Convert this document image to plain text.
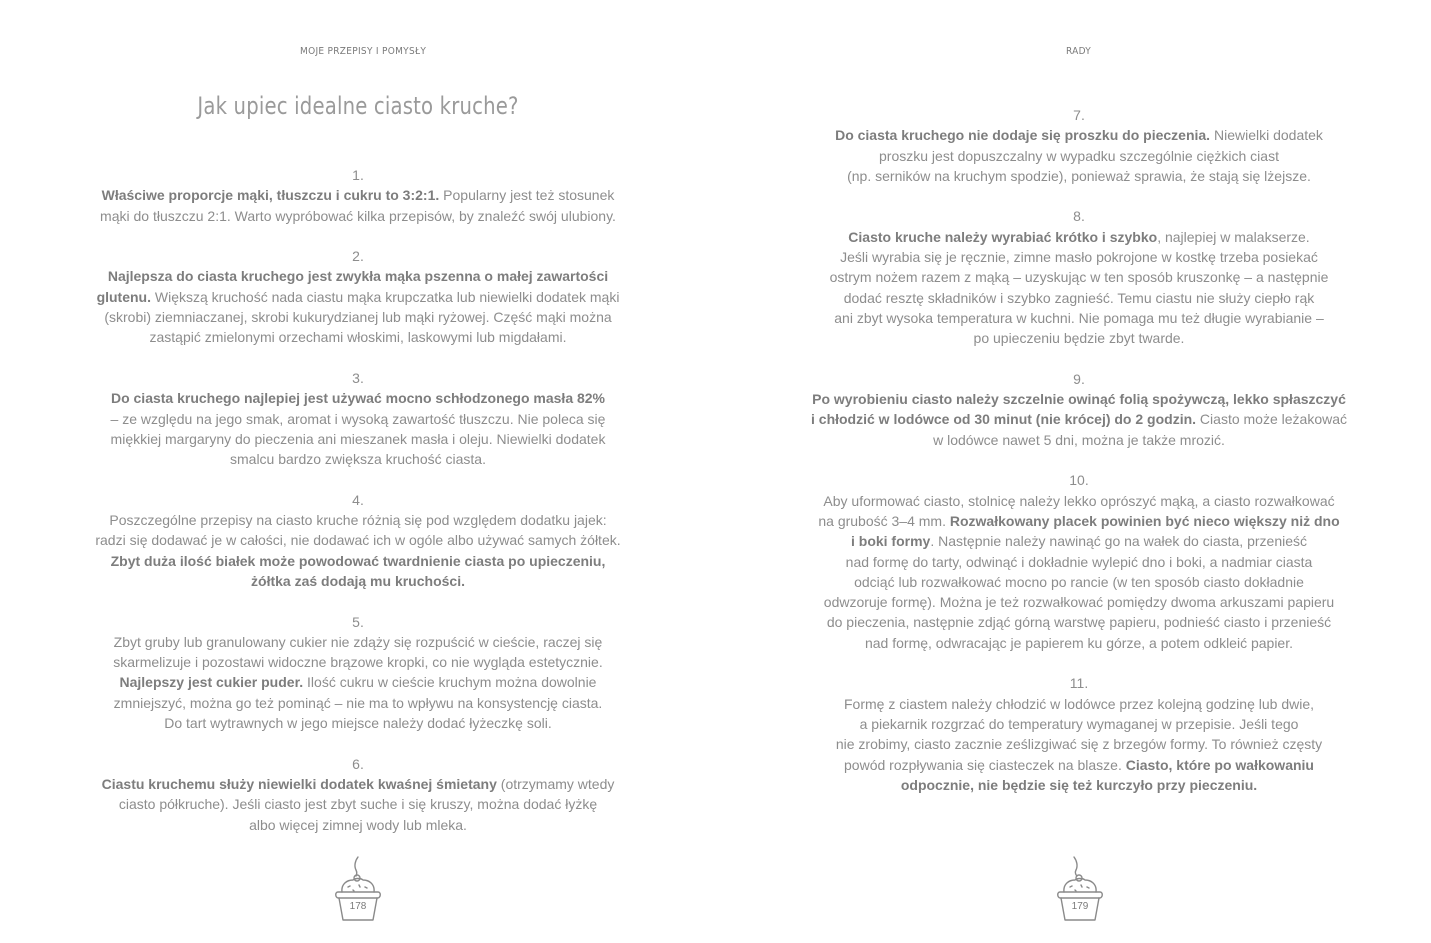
MOJE PRZEPISY I POMYSŁY
Jak upiec idealne ciasto kruche?
1.
Właściwe proporcje mąki, tłuszczu i cukru to 3:2:1. Popularny jest też stosunek
mąki do tłuszczu 2:1. Warto wypróbować kilka przepisów, by znaleźć swój ulubiony.
2.
Najlepsza do ciasta kruchego jest zwykła mąka pszenna o małej zawartości
glutenu. Większą kruchość nada ciastu mąka krupczatka lub niewielki dodatek mąki
(skrobi) ziemniaczanej, skrobi kukurydzianej lub mąki ryżowej. Część mąki można
zastąpić zmielonymi orzechami włoskimi, laskowymi lub migdałami.
3.
Do ciasta kruchego najlepiej jest używać mocno schłodzonego masła 82%
– ze względu na jego smak, aromat i wysoką zawartość tłuszczu. Nie poleca się
miękkiej margaryny do pieczenia ani mieszanek masła i oleju. Niewielki dodatek
smalcu bardzo zwiększa kruchość ciasta.
4.
Poszczególne przepisy na ciasto kruche różnią się pod względem dodatku jajek:
radzi się dodawać je w całości, nie dodawać ich w ogóle albo używać samych żółtek.
Zbyt duża ilość białek może powodować twardnienie ciasta po upieczeniu,
żółtka zaś dodają mu kruchości.
5.
Zbyt gruby lub granulowany cukier nie zdąży się rozpuścić w cieście, raczej się
skarmelizuje i pozostawi widoczne brązowe kropki, co nie wygląda estetycznie.
Najlepszy jest cukier puder. Ilość cukru w cieście kruchym można dowolnie
zmniejszyć, można go też pominąć – nie ma to wpływu na konsystencję ciasta.
Do tart wytrawnych w jego miejsce należy dodać łyżeczkę soli.
6.
Ciastu kruchemu służy niewielki dodatek kwaśnej śmietany (otrzymamy wtedy
ciasto półkruche). Jeśli ciasto jest zbyt suche i się kruszy, można dodać łyżkę
albo więcej zimnej wody lub mleka.
178
RADY
7.
Do ciasta kruchego nie dodaje się proszku do pieczenia. Niewielki dodatek
proszku jest dopuszczalny w wypadku szczególnie ciężkich ciast
(np. serników na kruchym spodzie), ponieważ sprawia, że stają się lżejsze.
8.
Ciasto kruche należy wyrabiać krótko i szybko, najlepiej w malakserze.
Jeśli wyrabia się je ręcznie, zimne masło pokrojone w kostkę trzeba posiekać
ostrym nożem razem z mąką – uzyskując w ten sposób kruszonkę – a następnie
dodać resztę składników i szybko zagnieść. Temu ciastu nie służy ciepło rąk
ani zbyt wysoka temperatura w kuchni. Nie pomaga mu też długie wyrabianie –
po upieczeniu będzie zbyt twarde.
9.
Po wyrobieniu ciasto należy szczelnie owinąć folią spożywczą, lekko spłaszczyć
i chłodzić w lodówce od 30 minut (nie krócej) do 2 godzin. Ciasto może leżakować
w lodówce nawet 5 dni, można je także mrozić.
10.
Aby uformować ciasto, stolnicę należy lekko oprószyć mąką, a ciasto rozwałkować
na grubość 3–4 mm. Rozwałkowany placek powinien być nieco większy niż dno
i boki formy. Następnie należy nawinąć go na wałek do ciasta, przenieść
nad formę do tarty, odwinąć i dokładnie wylepić dno i boki, a nadmiar ciasta
odciąć lub rozwałkować mocno po rancie (w ten sposób ciasto dokładnie
odwzoruje formę). Można je też rozwałkować pomiędzy dwoma arkuszami papieru
do pieczenia, następnie zdjąć górną warstwę papieru, podnieść ciasto i przenieść
nad formę, odwracając je papierem ku górze, a potem odkleić papier.
11.
Formę z ciastem należy chłodzić w lodówce przez kolejną godzinę lub dwie,
a piekarnik rozgrzać do temperatury wymaganej w przepisie. Jeśli tego
nie zrobimy, ciasto zacznie ześlizgiwać się z brzegów formy. To również częsty
powód rozpływania się ciasteczek na blasze. Ciasto, które po wałkowaniu
odpocznie, nie będzie się też kurczyło przy pieczeniu.
179
